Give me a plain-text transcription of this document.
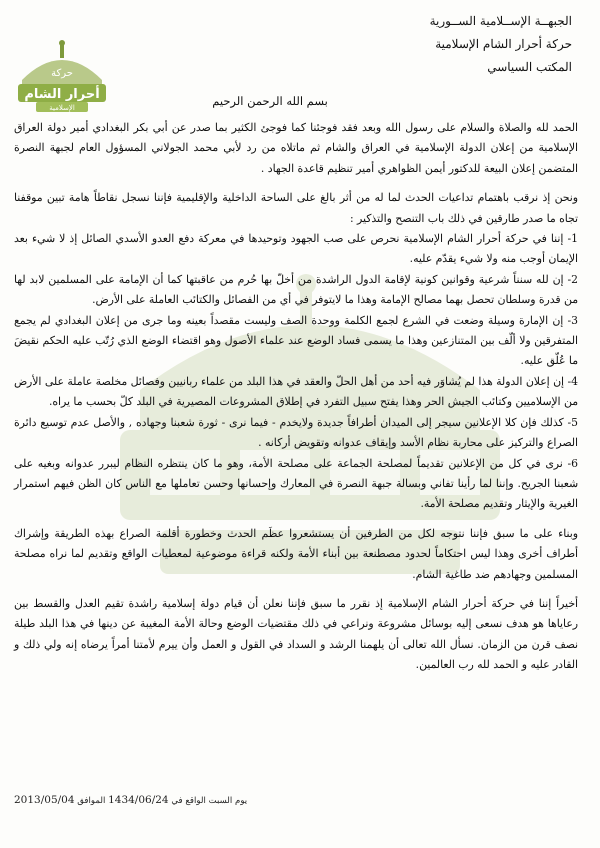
الجبهــة الإســلامية الســورية
حركة أحرار الشام الإسلامية
المكتب السياسي
بسم الله الرحمن الرحيم
حركة
أحرار الشام
الإسلامية

الحمد لله والصلاة والسلام على رسول الله وبعد فقد فوجئنا كما فوجئ الكثير بما صدر عن أبي بكر البغدادي أمير دولة العراق الإسلامية من إعلان الدولة الإسلامية في العراق والشام ثم ماتلاه من رد لأبي محمد الجولاني المسؤول العام لجبهة النصرة المتضمن إعلان البيعة للدكتور أيمن الظواهري أمير تنظيم قاعدة الجهاد .

ونحن إذ نرقب باهتمام تداعيات الحدث لما له من أثر بالغ على الساحة الداخلية والإقليمية فإننا نسجل نقاطاً هامة تبين موقفنا تجاه ما صدر طارقين في ذلك باب التنصح والتذكير :

1- إننا في حركة أحرار الشام الإسلامية نحرص على صب الجهود وتوحيدها في معركة دفع العدو الأسدي الصائل إذ لا شيء بعد الإيمان أوجب منه ولا شيء يقدّم عليه.

2- إن لله سنناً شرعية وقوانين كونية لإقامة الدول الراشدة من أخلّ بها حُرم من عاقبتها كما أن الإمامة على المسلمين لابد لها من قدرة وسلطان تحصل بهما مصالح الإمامة وهذا ما لايتوفر في أي من الفصائل والكتائب العاملة على الأرض.

3- إن الإمارة وسيلة وضعت في الشرع لجمع الكلمة ووحدة الصف وليست مقصداً بعينه وما جرى من إعلان البغدادي لم يجمع المتفرقين ولا ألّف بين المتنازعين وهذا ما يسمى فساد الوضع عند علماء الأصول وهو اقتضاء الوضع الذي رُتّب عليه الحكم نقيضَ ما عُلّق عليه.

4- إن إعلان الدولة هذا لم يُشاوَر فيه أحد من أهل الحلّ والعقد في هذا البلد من علماء ربانيين وفصائل مخلصة عاملة على الأرض من الإسلاميين وكتائب الجيش الحر وهذا يفتح سبيل التفرد في إطلاق المشروعات المصيرية في البلد كلّ بحسب ما يراه.

5- كذلك فإن كلا الإعلانين سيجر إلى الميدان أطرافاً جديدة ولايخدم - فيما نرى - ثورة شعبنا وجهاده , والأصل عدم توسيع دائرة الصراع والتركيز على محاربة نظام الأسد وإيقاف عدوانه وتقويض أركانه .

6- نرى في كل من الإعلانين تقديماً لمصلحة الجماعة على مصلحة الأمة، وهو ما كان ينتظره النظام ليبرر عدوانه وبغيه على شعبنا الجريح. وإننا لما رأينا تفاني وبسالة جبهة النصرة في المعارك وإحسانها وحسن تعاملها مع الناس كان الظن فيهم استمرار الغيرية والإيثار وتقديم مصلحة الأمة.

وبناء على ما سبق فإننا نتوجه لكل من الطرفين أن يستشعروا عظَم الحدث وخطورة أقلمة الصراع بهذه الطريقة وإشراك أطراف أخرى وهذا ليس احتكاماً لحدود مصطنعة بين أبناء الأمة ولكنه قراءة موضوعية لمعطيات الواقع وتقديم لما نراه مصلحة المسلمين وجهادهم ضد طاغية الشام.

أخيراً إننا في حركة أحرار الشام الإسلامية إذ نقرر ما سبق فإننا نعلن أن قيام دولة إسلامية راشدة تقيم العدل والقسط بين رعاياها هو هدف نسعى إليه بوسائل مشروعة ونراعي في ذلك مقتضيات الوضع وحالة الأمة المغيبة عن دينها في هذا البلد طيلة نصف قرن من الزمان. نسأل الله تعالى أن يلهمنا الرشد و السداد في القول و العمل وأن ييرم لأمتنا أمراً يرضاه إنه ولي ذلك و القادر عليه و الحمد لله رب العالمين.

يوم السبت الواقع في 1434/06/24 الموافق 2013/05/04
